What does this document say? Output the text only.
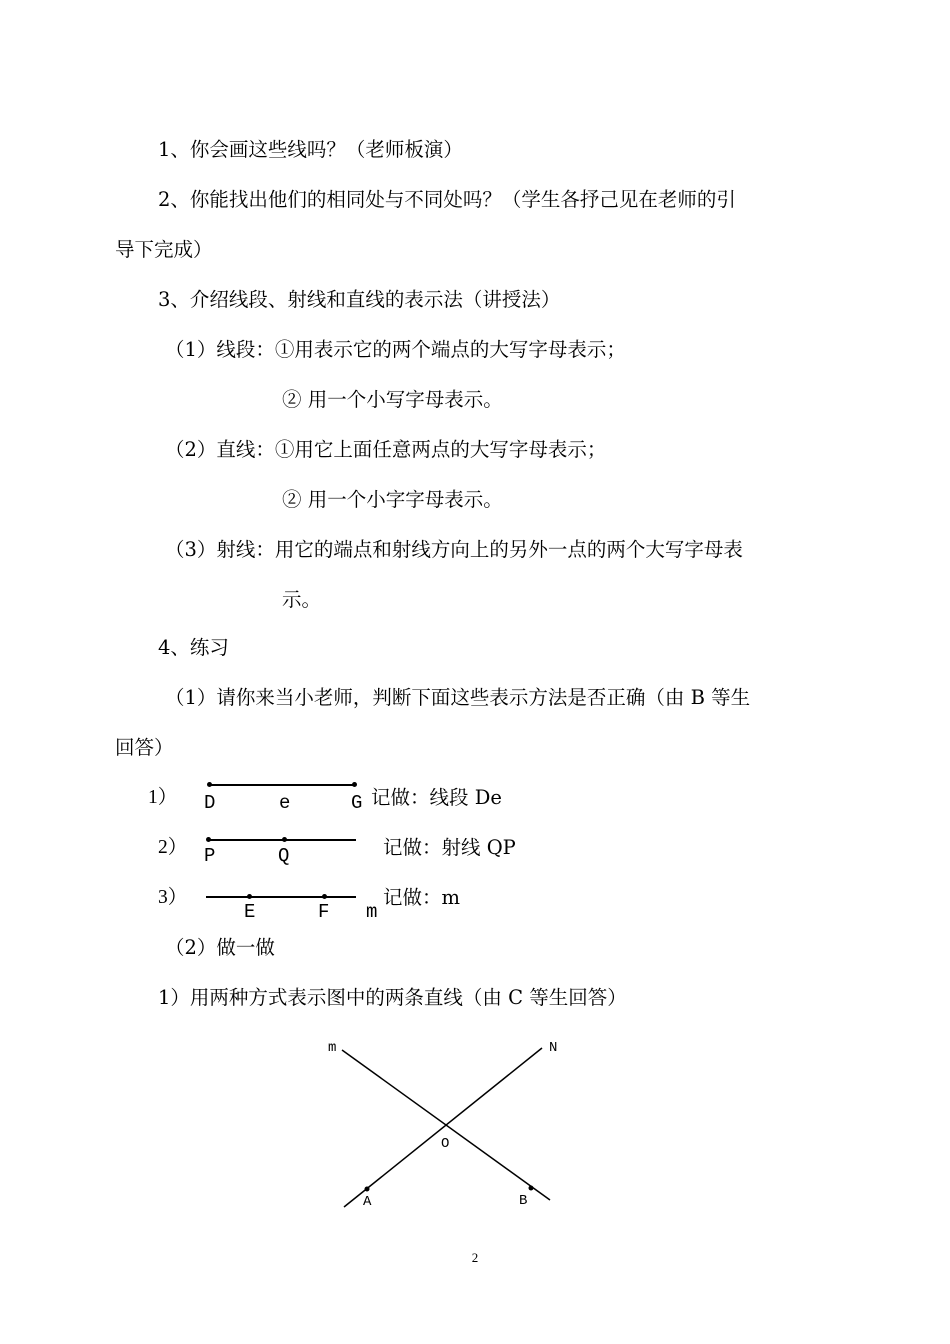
1、你会画这些线吗？（老师板演）
2、你能找出他们的相同处与不同处吗？（学生各抒己见在老师的引
导下完成）
3、介绍线段、射线和直线的表示法（讲授法）
（1）线段：①用表示它的两个端点的大写字母表示；
② 用一个小写字母表示。
（2）直线：①用它上面任意两点的大写字母表示；
② 用一个小字字母表示。
（3）射线：用它的端点和射线方向上的另外一点的两个大写字母表
示。
4、练习
（1）请你来当小老师，判断下面这些表示方法是否正确（由 B 等生
回答）
1） D	e	G 记做：线段 De
2） P	Q	记做：射线 QP
3）
E	F m
记做：m
（2）做一做
1）用两种方式表示图中的两条直线（由 C 等生回答）
m	N
O
A	B
2
